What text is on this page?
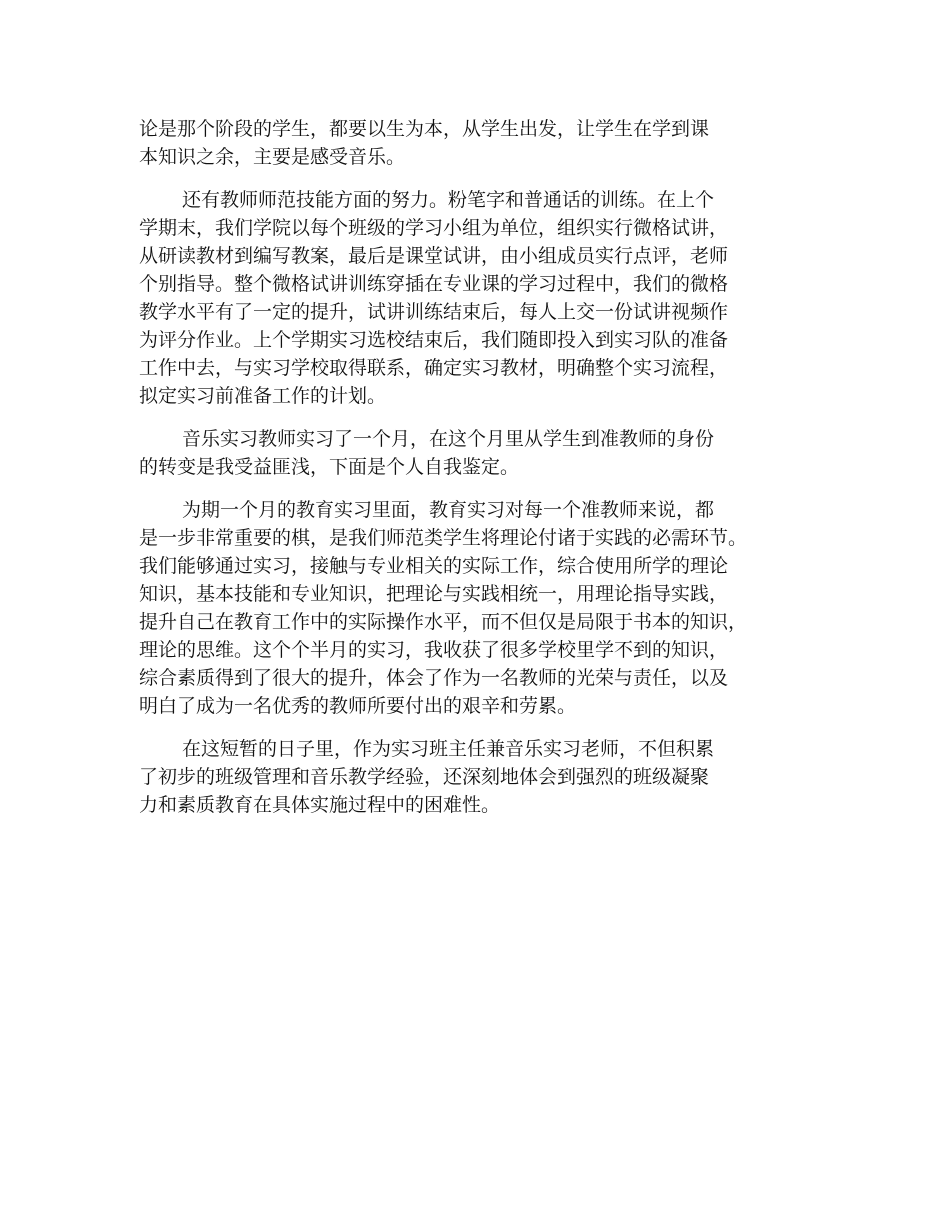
论是那个阶段的学生，都要以生为本，从学生出发，让学生在学到课
本知识之余，主要是感受音乐。

还有教师师范技能方面的努力。粉笔字和普通话的训练。在上个
学期末，我们学院以每个班级的学习小组为单位，组织实行微格试讲，
从研读教材到编写教案，最后是课堂试讲，由小组成员实行点评，老师
个别指导。整个微格试讲训练穿插在专业课的学习过程中，我们的微格
教学水平有了一定的提升，试讲训练结束后，每人上交一份试讲视频作
为评分作业。上个学期实习选校结束后，我们随即投入到实习队的准备
工作中去，与实习学校取得联系，确定实习教材，明确整个实习流程，
拟定实习前准备工作的计划。

音乐实习教师实习了一个月，在这个月里从学生到准教师的身份
的转变是我受益匪浅，下面是个人自我鉴定。

为期一个月的教育实习里面，教育实习对每一个准教师来说，都
是一步非常重要的棋，是我们师范类学生将理论付诸于实践的必需环节。
我们能够通过实习，接触与专业相关的实际工作，综合使用所学的理论
知识，基本技能和专业知识，把理论与实践相统一，用理论指导实践，
提升自己在教育工作中的实际操作水平，而不但仅是局限于书本的知识，
理论的思维。这个个半月的实习，我收获了很多学校里学不到的知识，
综合素质得到了很大的提升，体会了作为一名教师的光荣与责任，以及
明白了成为一名优秀的教师所要付出的艰辛和劳累。

在这短暂的日子里，作为实习班主任兼音乐实习老师，不但积累
了初步的班级管理和音乐教学经验，还深刻地体会到强烈的班级凝聚
力和素质教育在具体实施过程中的困难性。
